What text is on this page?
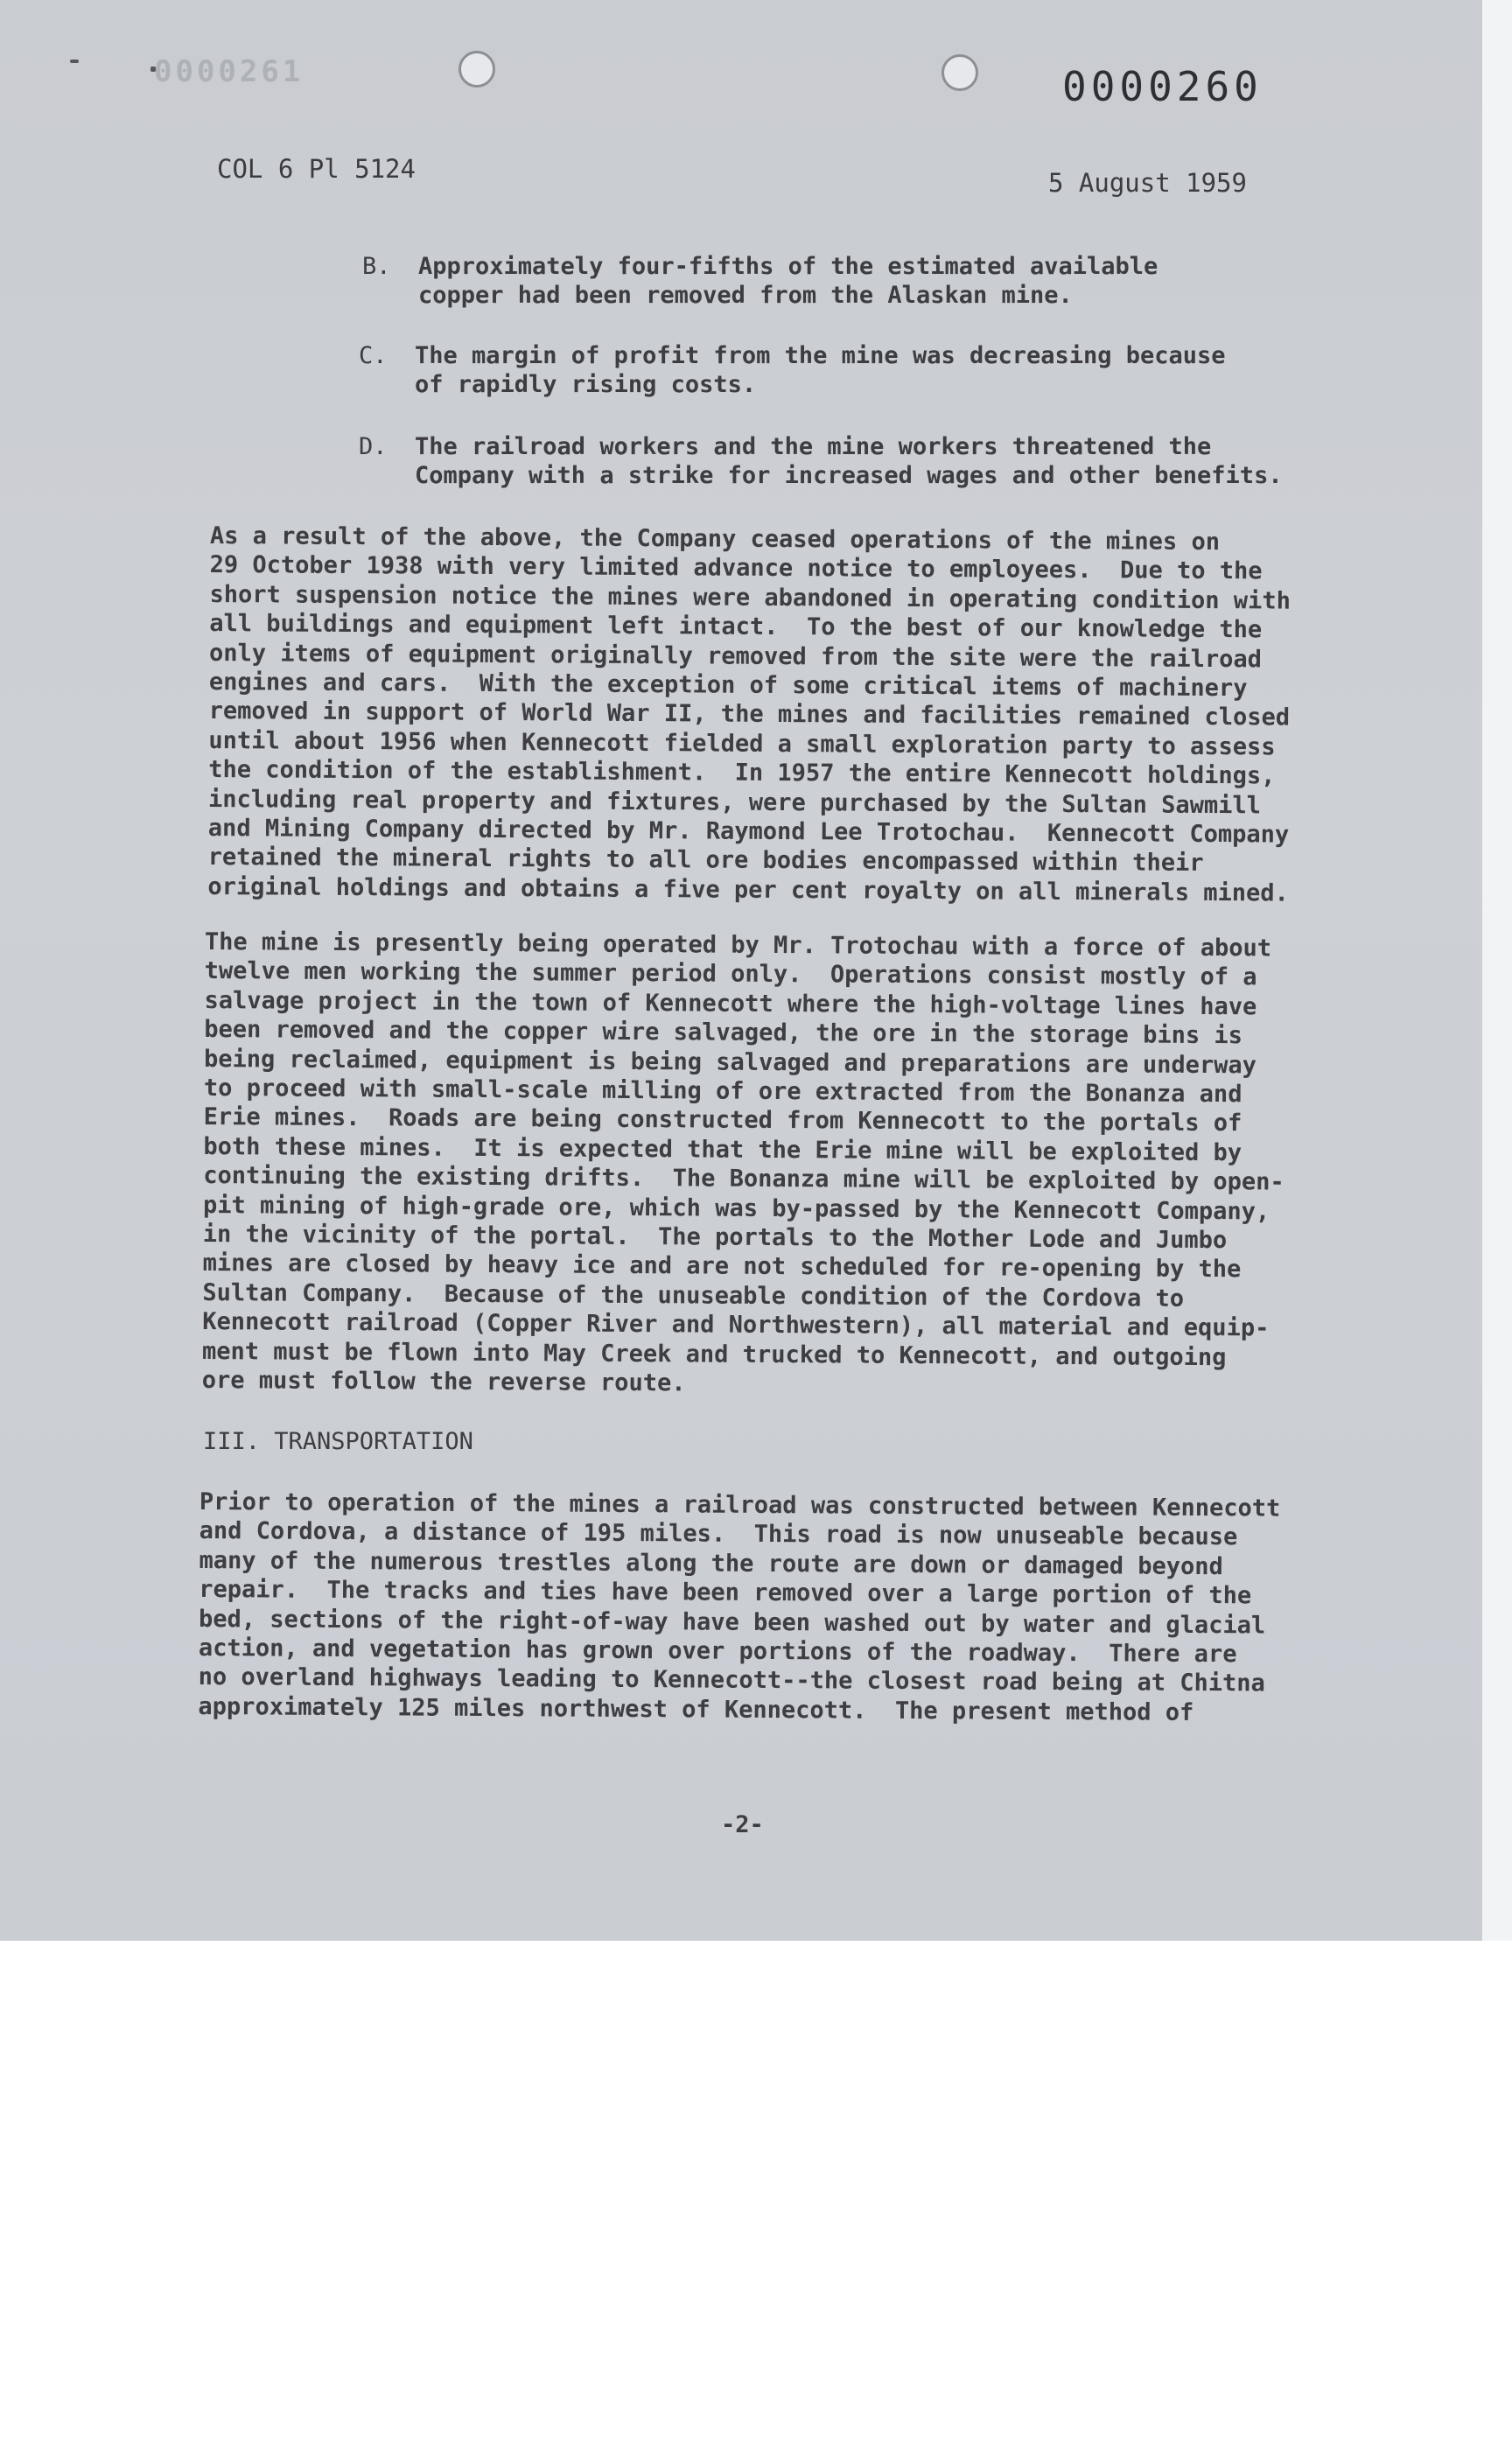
0000261	0000260
COL 6 Pl 5124	5 August 1959

B.

Approximately four-fifths of the estimated available
copper had been removed from the Alaskan mine.

C.

The margin of profit from the mine was decreasing because
of rapidly rising costs.

D.

The railroad workers and the mine workers threatened the
Company with a strike for increased wages and other benefits.

As a result of the above, the Company ceased operations of the mines on
29 October 1938 with very limited advance notice to employees.  Due to the
short suspension notice the mines were abandoned in operating condition with
all buildings and equipment left intact.  To the best of our knowledge the
only items of equipment originally removed from the site were the railroad
engines and cars.  With the exception of some critical items of machinery
removed in support of World War II, the mines and facilities remained closed
until about 1956 when Kennecott fielded a small exploration party to assess
the condition of the establishment.  In 1957 the entire Kennecott holdings,
including real property and fixtures, were purchased by the Sultan Sawmill
and Mining Company directed by Mr. Raymond Lee Trotochau.  Kennecott Company
retained the mineral rights to all ore bodies encompassed within their
original holdings and obtains a five per cent royalty on all minerals mined.
The mine is presently being operated by Mr. Trotochau with a force of about
twelve men working the summer period only.  Operations consist mostly of a
salvage project in the town of Kennecott where the high-voltage lines have
been removed and the copper wire salvaged, the ore in the storage bins is
being reclaimed, equipment is being salvaged and preparations are underway
to proceed with small-scale milling of ore extracted from the Bonanza and
Erie mines.  Roads are being constructed from Kennecott to the portals of
both these mines.  It is expected that the Erie mine will be exploited by
continuing the existing drifts.  The Bonanza mine will be exploited by open-
pit mining of high-grade ore, which was by-passed by the Kennecott Company,
in the vicinity of the portal.  The portals to the Mother Lode and Jumbo
mines are closed by heavy ice and are not scheduled for re-opening by the
Sultan Company.  Because of the unuseable condition of the Cordova to
Kennecott railroad (Copper River and Northwestern), all material and equip-
ment must be flown into May Creek and trucked to Kennecott, and outgoing
ore must follow the reverse route.
III. TRANSPORTATION
Prior to operation of the mines a railroad was constructed between Kennecott
and Cordova, a distance of 195 miles.  This road is now unuseable because
many of the numerous trestles along the route are down or damaged beyond
repair.  The tracks and ties have been removed over a large portion of the
bed, sections of the right-of-way have been washed out by water and glacial
action, and vegetation has grown over portions of the roadway.  There are
no overland highways leading to Kennecott--the closest road being at Chitna
approximately 125 miles northwest of Kennecott.  The present method of
-2-
